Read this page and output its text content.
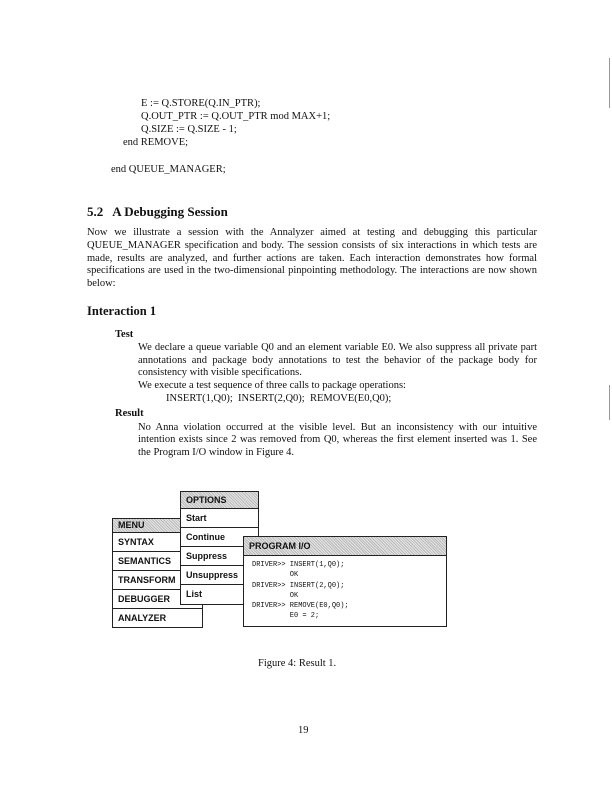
E := Q.STORE(Q.IN_PTR);
Q.OUT_PTR := Q.OUT_PTR mod MAX+1;
Q.SIZE := Q.SIZE - 1;
end REMOVE;
end QUEUE_MANAGER;
5.2   A Debugging Session
Now we illustrate a session with the Annalyzer aimed at testing and debugging this particular QUEUE_MANAGER specification and body. The session consists of six interactions in which tests are made, results are analyzed, and further actions are taken. Each interaction demonstrates how formal specifications are used in the two-dimensional pinpointing methodology. The interactions are now shown below:
Interaction 1
Test
We declare a queue variable Q0 and an element variable E0. We also suppress all private part annotations and package body annotations to test the behavior of the package body for consistency with visible specifications.
We execute a test sequence of three calls to package operations:
INSERT(1,Q0);  INSERT(2,Q0);  REMOVE(E0,Q0);
Result
No Anna violation occurred at the visible level. But an inconsistency with our intuitive intention exists since 2 was removed from Q0, whereas the first element inserted was 1. See the Program I/O window in Figure 4.
MENU
SYNTAX
SEMANTICS
TRANSFORM
DEBUGGER
ANALYZER
OPTIONS
Start
Continue
Suppress
Unsuppress
List
PROGRAM I/O
DRIVER>> INSERT(1,Q0);
OK
DRIVER>> INSERT(2,Q0);
OK
DRIVER>> REMOVE(E0,Q0);
E0 = 2;
Figure 4: Result 1.
19
